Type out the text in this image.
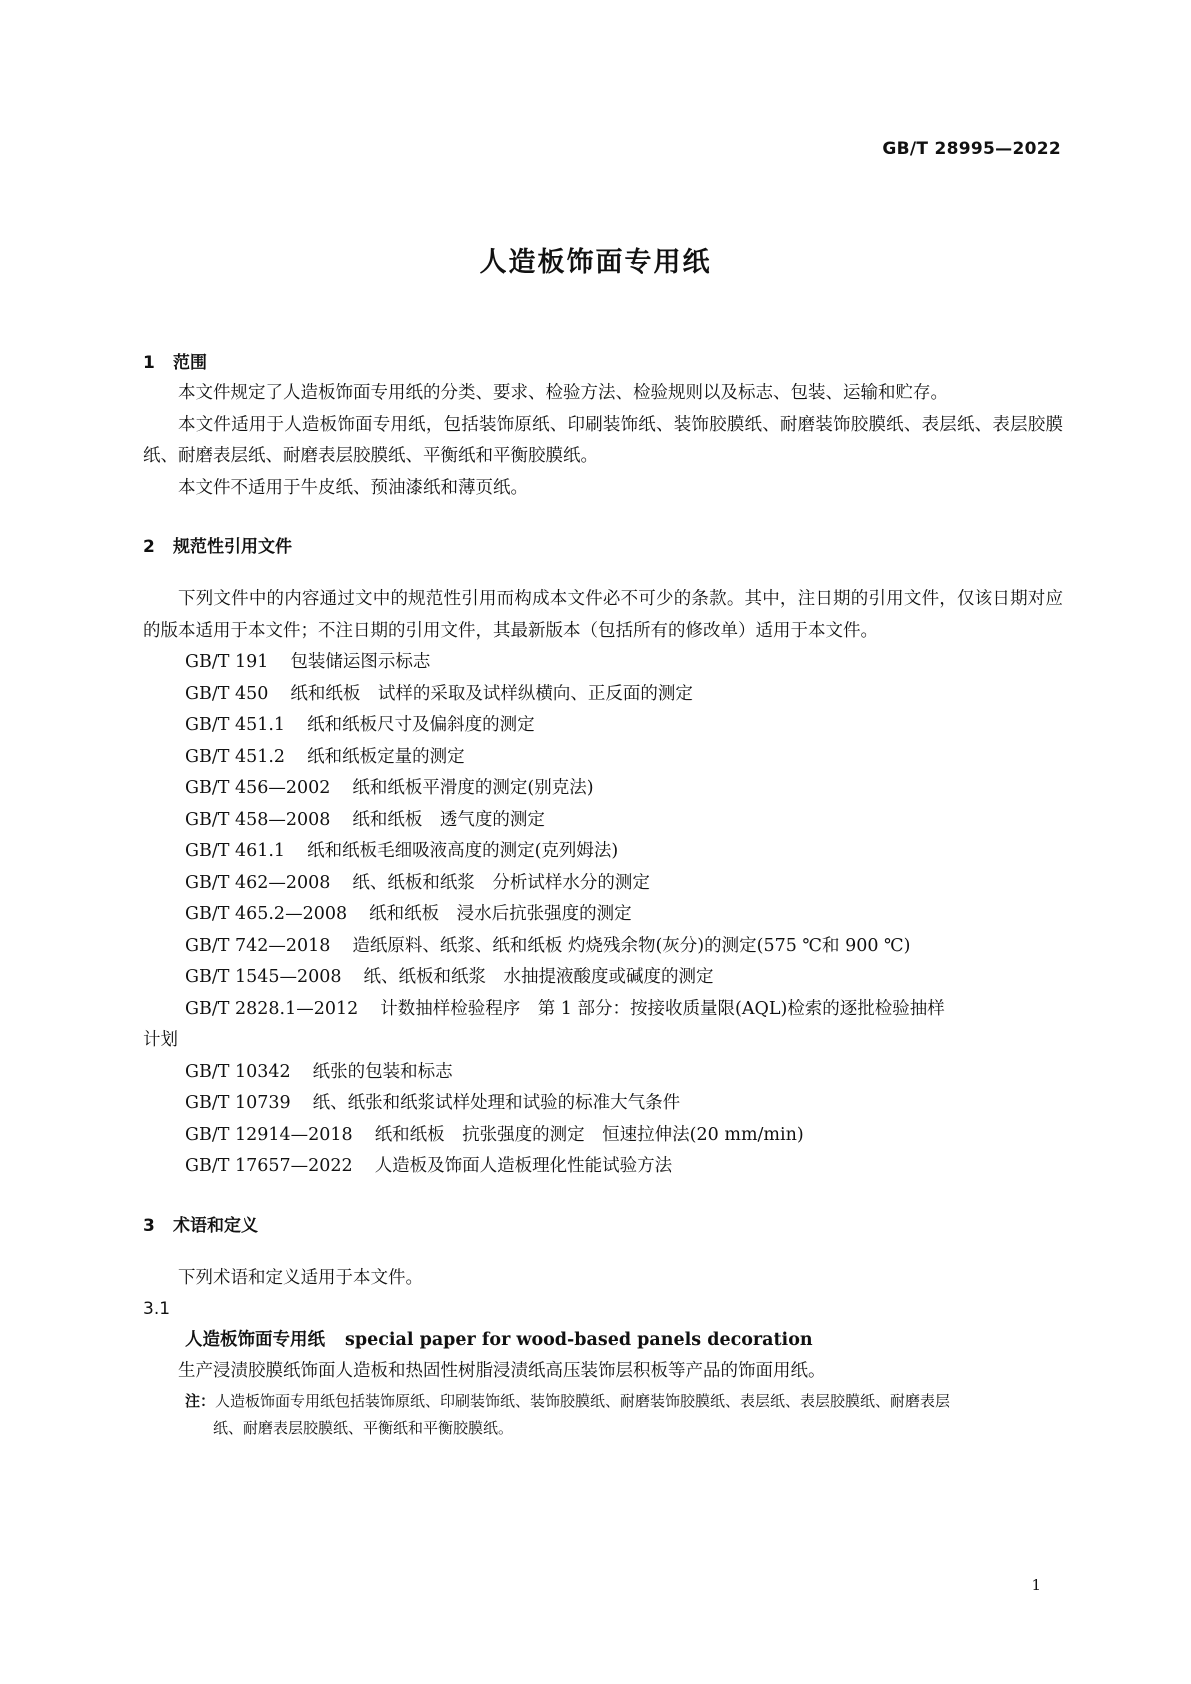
GB/T 28995—2022
人造板饰面专用纸
1 范围

本文件规定了人造板饰面专用纸的分类、要求、检验方法、检验规则以及标志、包装、运输和贮存。

本文件适用于人造板饰面专用纸，包括装饰原纸、印刷装饰纸、装饰胶膜纸、耐磨装饰胶膜纸、表层纸、表层胶膜纸、耐磨表层纸、耐磨表层胶膜纸、平衡纸和平衡胶膜纸。

本文件不适用于牛皮纸、预油漆纸和薄页纸。

2 规范性引用文件

下列文件中的内容通过文中的规范性引用而构成本文件必不可少的条款。其中，注日期的引用文件，仅该日期对应的版本适用于本文件；不注日期的引用文件，其最新版本（包括所有的修改单）适用于本文件。

GB/T 191 包装储运图示标志
GB/T 450 纸和纸板　试样的采取及试样纵横向、正反面的测定
GB/T 451.1 纸和纸板尺寸及偏斜度的测定
GB/T 451.2 纸和纸板定量的测定
GB/T 456—2002 纸和纸板平滑度的测定(别克法)
GB/T 458—2008 纸和纸板　透气度的测定
GB/T 461.1 纸和纸板毛细吸液高度的测定(克列姆法)
GB/T 462—2008 纸、纸板和纸浆　分析试样水分的测定
GB/T 465.2—2008 纸和纸板　浸水后抗张强度的测定
GB/T 742—2018 造纸原料、纸浆、纸和纸板 灼烧残余物(灰分)的测定(575 ℃和 900 ℃)
GB/T 1545—2008 纸、纸板和纸浆　水抽提液酸度或碱度的测定
GB/T 2828.1—2012 计数抽样检验程序　第 1 部分：按接收质量限(AQL)检索的逐批检验抽样
计划
GB/T 10342 纸张的包装和标志
GB/T 10739 纸、纸张和纸浆试样处理和试验的标准大气条件
GB/T 12914—2018 纸和纸板　抗张强度的测定　恒速拉伸法(20 mm/min)
GB/T 17657—2022 人造板及饰面人造板理化性能试验方法
3 术语和定义

下列术语和定义适用于本文件。

3.1
人造板饰面专用纸 special paper for wood-based panels decoration

生产浸渍胶膜纸饰面人造板和热固性树脂浸渍纸高压装饰层积板等产品的饰面用纸。

注：人造板饰面专用纸包括装饰原纸、印刷装饰纸、装饰胶膜纸、耐磨装饰胶膜纸、表层纸、表层胶膜纸、耐磨表层
纸、耐磨表层胶膜纸、平衡纸和平衡胶膜纸。
1
